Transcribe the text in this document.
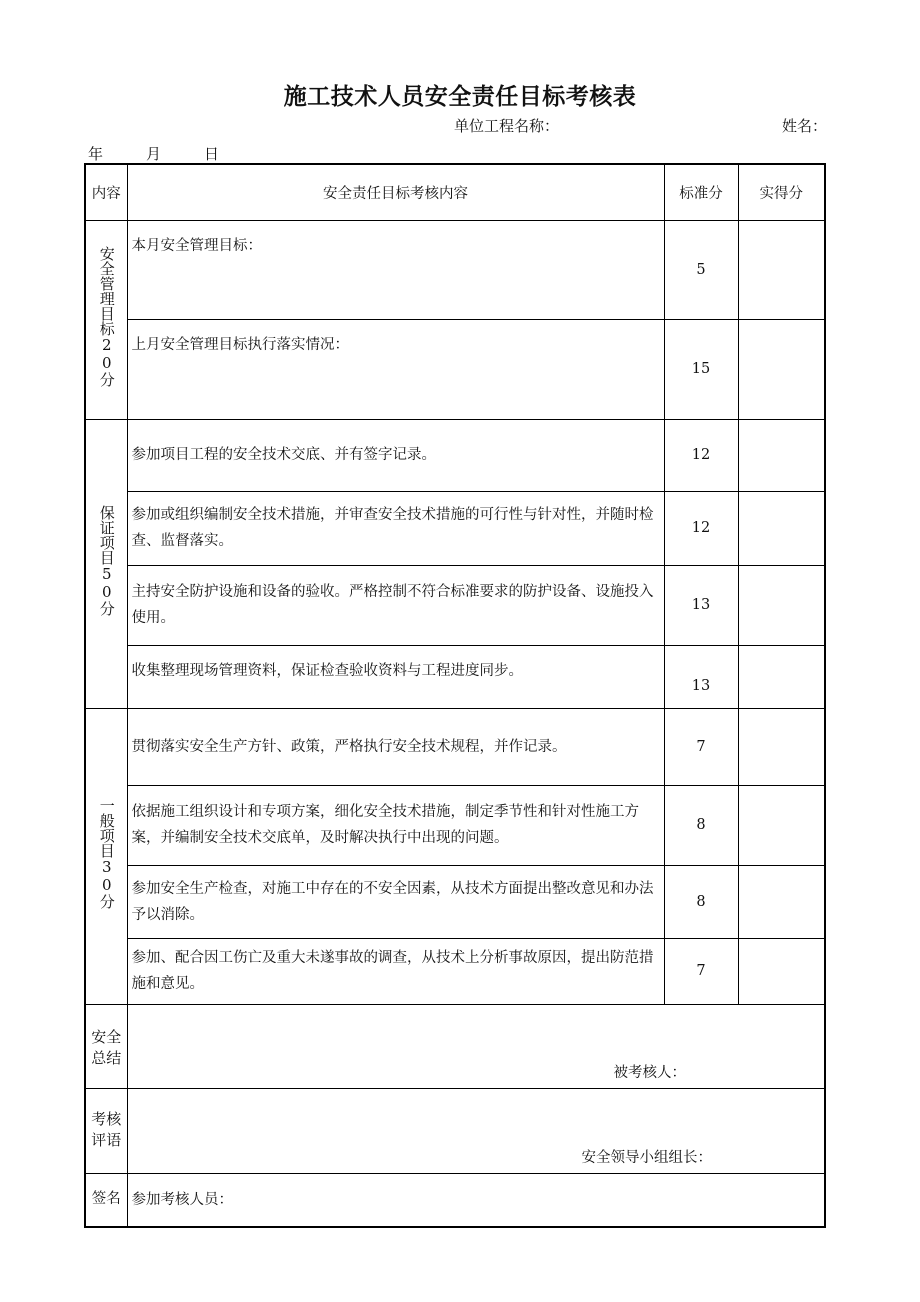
施工技术人员安全责任目标考核表
单位工程名称：	姓名：
年	月	日
内容	安全责任目标考核内容	标准分	实得分
安全管理目标20分	本月安全管理目标：	5	
	上月安全管理目标执行落实情况：	15	
保证项目50分	参加项目工程的安全技术交底、并有签字记录。	12	
	参加或组织编制安全技术措施，并审查安全技术措施的可行性与针对性，并随时检查、监督落实。	12	
	主持安全防护设施和设备的验收。严格控制不符合标准要求的防护设备、设施投入使用。	13	
	收集整理现场管理资料，保证检查验收资料与工程进度同步。	13	
一般项目30分	贯彻落实安全生产方针、政策，严格执行安全技术规程，并作记录。	7	
	依据施工组织设计和专项方案，细化安全技术措施，制定季节性和针对性施工方案，并编制安全技术交底单，及时解决执行中出现的问题。	8	
	参加安全生产检查，对施工中存在的不安全因素，从技术方面提出整改意见和办法予以消除。	8	
	参加、配合因工伤亡及重大未遂事故的调查，从技术上分析事故原因，提出防范措施和意见。	7	

安全总结	被考核人：		

考核评语	安全领导小组组长：		
签名	参加考核人员：		
